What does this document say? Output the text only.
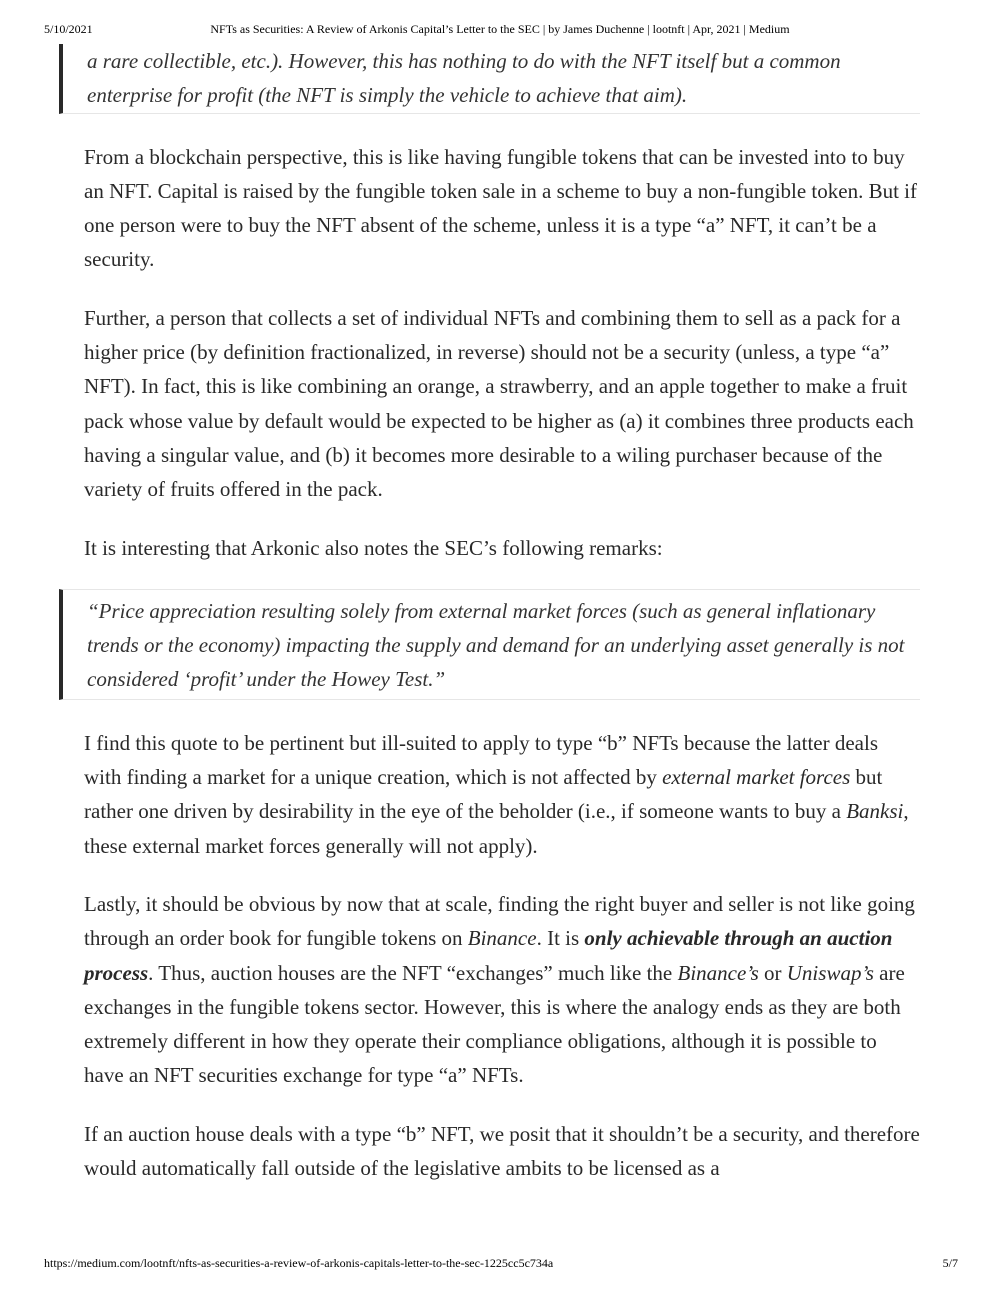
5/10/2021	NFTs as Securities: A Review of Arkonis Capital’s Letter to the SEC | by James Duchenne | lootnft | Apr, 2021 | Medium
a rare collectible, etc.). However, this has nothing to do with the NFT itself but a common
enterprise for profit (the NFT is simply the vehicle to achieve that aim).

From a blockchain perspective, this is like having fungible tokens that can be invested into to buy an NFT. Capital is raised by the fungible token sale in a scheme to buy a non-fungible token. But if one person were to buy the NFT absent of the scheme, unless it is a type “a” NFT, it can’t be a security.

Further, a person that collects a set of individual NFTs and combining them to sell as a pack for a higher price (by definition fractionalized, in reverse) should not be a security (unless, a type “a” NFT). In fact, this is like combining an orange, a strawberry, and an apple together to make a fruit pack whose value by default would be expected to be higher as (a) it combines three products each having a singular value, and (b) it becomes more desirable to a wiling purchaser because of the variety of fruits offered in the pack.

It is interesting that Arkonic also notes the SEC’s following remarks:

“Price appreciation resulting solely from external market forces (such as general inflationary trends or the economy) impacting the supply and demand for an underlying asset generally is not considered ‘profit’ under the Howey Test.”

I find this quote to be pertinent but ill-suited to apply to type “b” NFTs because the latter deals with finding a market for a unique creation, which is not affected by external market forces but rather one driven by desirability in the eye of the beholder (i.e., if someone wants to buy a Banksi, these external market forces generally will not apply).

Lastly, it should be obvious by now that at scale, finding the right buyer and seller is not like going through an order book for fungible tokens on Binance. It is only achievable through an auction process. Thus, auction houses are the NFT “exchanges” much like the Binance’s or Uniswap’s are exchanges in the fungible tokens sector. However, this is where the analogy ends as they are both extremely different in how they operate their compliance obligations, although it is possible to have an NFT securities exchange for type “a” NFTs.

If an auction house deals with a type “b” NFT, we posit that it shouldn’t be a security, and therefore would automatically fall outside of the legislative ambits to be licensed as a

https://medium.com/lootnft/nfts-as-securities-a-review-of-arkonis-capitals-letter-to-the-sec-1225cc5c734a	5/7
